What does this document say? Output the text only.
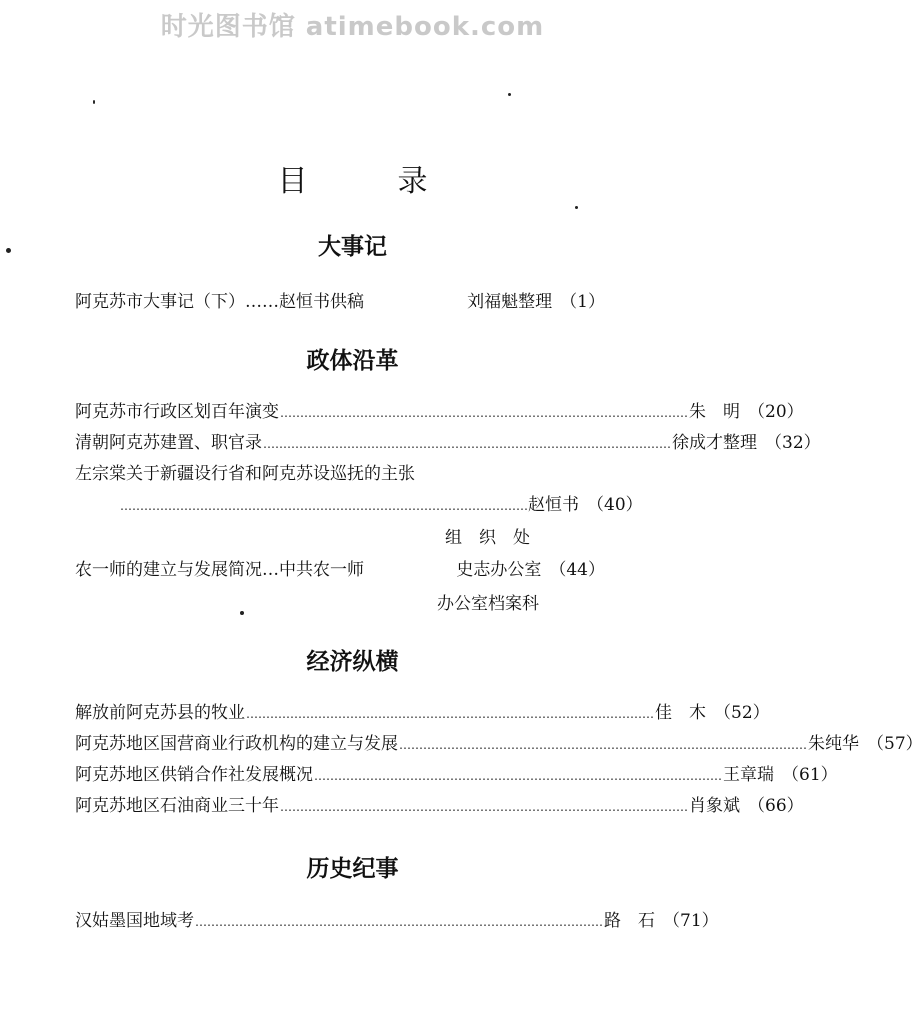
时光图书馆 atimebook.com
目录
大事记
阿克苏市大事记（下）……赵恒书供稿	刘福魁整理 （1）
政体沿革
阿克苏市行政区划百年演变 ………………………………………………………………………………………… 朱　明 （20）
清朝阿克苏建置、职官录 ………………………………………………………………………………………… 徐成才整理 （32）
左宗棠关于新疆设行省和阿克苏设巡抚的主张
………………………………………………………………………………………… 赵恒书 （40）
组　织　处
农一师的建立与发展简况…中共农一师	史志办公室 （44）
办公室档案科
经济纵横
解放前阿克苏县的牧业 ………………………………………………………………………………………… 佳　木 （52）
阿克苏地区国营商业行政机构的建立与发展 ………………………………………………………………………………………… 朱纯华 （57）
阿克苏地区供销合作社发展概况 ………………………………………………………………………………………… 王章瑞 （61）
阿克苏地区石油商业三十年 ………………………………………………………………………………………… 肖象斌 （66）
历史纪事
汉姑墨国地域考 ………………………………………………………………………………………… 路　石 （71）
